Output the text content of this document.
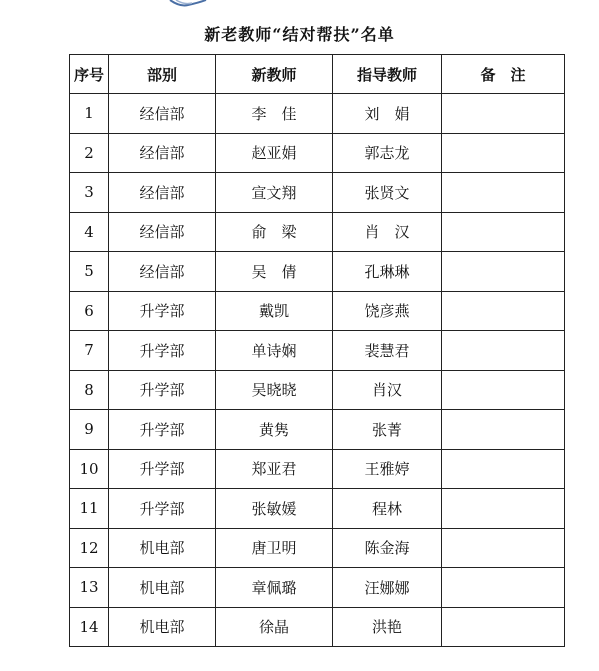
新老教师“结对帮扶”名单
序号	部别	新教师	指导教师	备　注
1	经信部	李　佳	刘　娟	
2	经信部	赵亚娟	郭志龙	
3	经信部	宣文翔	张贤文	
4	经信部	俞　梁	肖　汉	
5	经信部	吴　倩	孔琳琳	
6	升学部	戴凯	饶彦燕	
7	升学部	单诗娴	裴慧君	
8	升学部	吴晓晓	肖汉	
9	升学部	黄隽	张菁	
10	升学部	郑亚君	王雅婷	
11	升学部	张敏媛	程林	
12	机电部	唐卫明	陈金海	
13	机电部	章佩璐	汪娜娜	
14	机电部	徐晶	洪艳	
